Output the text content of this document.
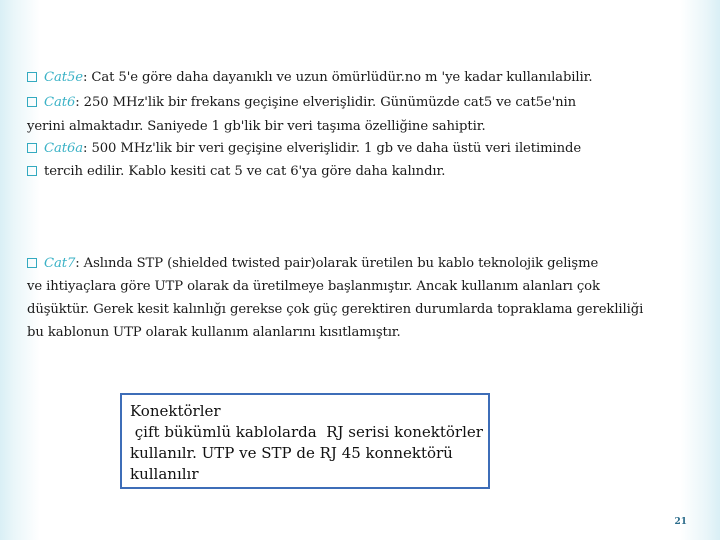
Cat5e: Cat 5'e göre daha dayanıklı ve uzun ömürlüdür.no m 'ye kadar kullanılabilir.
Cat6: 250 MHz'lik bir frekans geçişine elverişlidir. Günümüzde cat5 ve cat5e'nin
yerini almaktadır. Saniyede 1 gb'lik bir veri taşıma özelliğine sahiptir.
Cat6a: 500 MHz'lik bir veri geçişine elverişlidir. 1 gb ve daha üstü veri iletiminde
tercih edilir. Kablo kesiti cat 5 ve cat 6'ya göre daha kalındır.
Cat7: Aslında STP (shielded twisted pair)olarak üretilen bu kablo teknolojik gelişme
ve ihtiyaçlara göre UTP olarak da üretilmeye başlanmıştır. Ancak kullanım alanları çok
düşüktür. Gerek kesit kalınlığı gerekse çok güç gerektiren durumlarda topraklama gerekliliği
bu kablonun UTP olarak kullanım alanlarını kısıtlamıştır.
Konektörler
çift bükümlü kablolarda  RJ serisi konektörler
kullanılr. UTP ve STP de RJ 45 konnektörü
kullanılır
21
